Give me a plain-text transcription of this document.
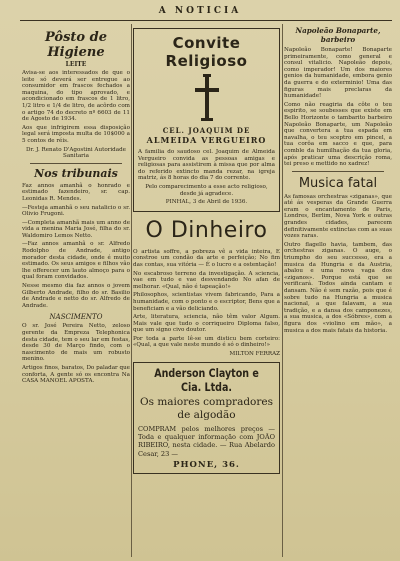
A NOTICIA
Pôsto de Higiene
LEITE

Avisa-se aos interessados de que o leite só deverá ser entregue ao consumidor em frascos fechados a maquina, do tipo aprovado, e acondicionado em frascos de 1 litro, 1/2 litro e 1/4 de litro, de acôrdo com o artigo 74 do decreto nº 6603 de 11 de Agosto de 1934.

Aos que infrigirem essa disposição legal será imposta multa de 10$000 a 5 contos de réis.

Dr. J. Renato D'Agostini Autoridade Sanitaria

Nos tribunais

Faz annos amanhã o honrado e estimado fazendeiro, sr. cap. Leonidas R. Mendes.

—Festeja amanhã o seu natalicio o sr. Olivio Frugoni.

—Completa amanhã mais um anno de vida a menina Maria José, filha do sr. Waldomiro Lemos Netto.

—Faz annos amanhã o sr. Alfredo Rodolpho de Andrade, antigo morador desta cidade, onde é muito estimado. Os seus amigos e filhos vão lhe offerecer um lauto almoço para o qual foram convidados.

Nesse mesmo dia faz annos o jovem Gilberto Andrade, filho do sr. Basilio de Andrade e netto do sr. Alfredo de Andrade.

NASCIMENTO

O sr. José Pereira Netto, zeloso gerente da Empreza Telephonica desta cidade, tem o seu lar em festas, desde 30 de Março findo, com o nascimento de mais um robusto menino.

Artigos finos, baratos, Do paladar que conforta, A gente só os encontra Na CASA MANOEL APOSTA.

Convite Religioso
CEL. JOAQUIM DE
ALMEIDA VERGUEIRO

A familia do saudoso cel. Joaquim de Almeida Vergueiro convida as pessoas amigas e religiosas para assistirem à missa que por alma do referido extincto manda rezar, na igreja matriz, ás 8 horas do dia 7 do corrente.

Pelo comparecimento a esse acto religioso, desde já agradece.

PINHAL, 3 de Abril de 1936.

O Dinheiro

O artista soffre, a pobreza vê a vida inteira, E constroe um condão da arte e perfeição; No fim das contas, sua vitória — É o lucro e a ostentação!

No escabroso terreno da investigação. A sciencia, vae em tudo e vae desvendando No afan de melhorar. «Qual, não é tapeação!»

Philosophos, scientistas vivem fabricando, Para a humanidade, com o ponto e o escriptor, Bens que a beneficiam e a vão deliciando.

Arte, literatura, sciencia, não têm valor Algum. Mais vale que tudo o corriqueiro Diploma falso, que um signo civo doutor.

Por toda a parte lê-se um disticu bem corteiro: «Qual, a que vale neste mundo é só o dinheiro!»

MILTON FERRAZ

Anderson Clayton e Cia. Ltda.
Os maiores compradores de algodão

COMPRAM pelos melhores preços — Toda e qualquer informação com JOÃO RIBEIRO, nesta cidade. — Rua Abelardo Cesar, 23 —

PHONE, 36.
Napoleão Bonaparte, barbeiro

Napoleão Bonaparte! Bonaparte primeiramente, como general e consul vitalicio. Napoleão depois, como imperador! Um dos maiores genios da humanidade, embora genio da guerra e do exterminio! Uma das figuras mais preclaras da humanidade!

Como não reagiria da côte o teu espirito, se soubesses que existe em Bello Horizonte o tambarito barbeiro Napoleão Bonaparte, um Napoleão que convertera a tua espada em navalha, o teu sceptro em pincel, a tua corôa em sacco e que, para comble da humilhação da tua gloria, após praticar uma descrição roma, tei preso e mettido no xadrez!

Musica fatal

As famosas orchestras «ziganas», que até ás vesperas da Grande Guerra eram o encantamento de Paris, Londres, Berlim, Nova York e outras grandes cidades, parecem definitivamente extinctas com as suas vozes raras.

Outro flagello havia, tambem, das orchestras ziganas. O auge, o triumpho do seu successo, era a musica da Hungria e da Austria, abalou e uma nova vaga dos «ziganos». Porque está que se verificará. Todos ainda cantam e dansam. Não é sem razão, pois que é sobre tudo na Hungria a musica nacional, a que falavam, a sua tradição, e a dansa dos camponezes, a sua musica, a dos «Sóbres», com a figura dos «violino em mão», a musica a dos mais fatais da historia.
